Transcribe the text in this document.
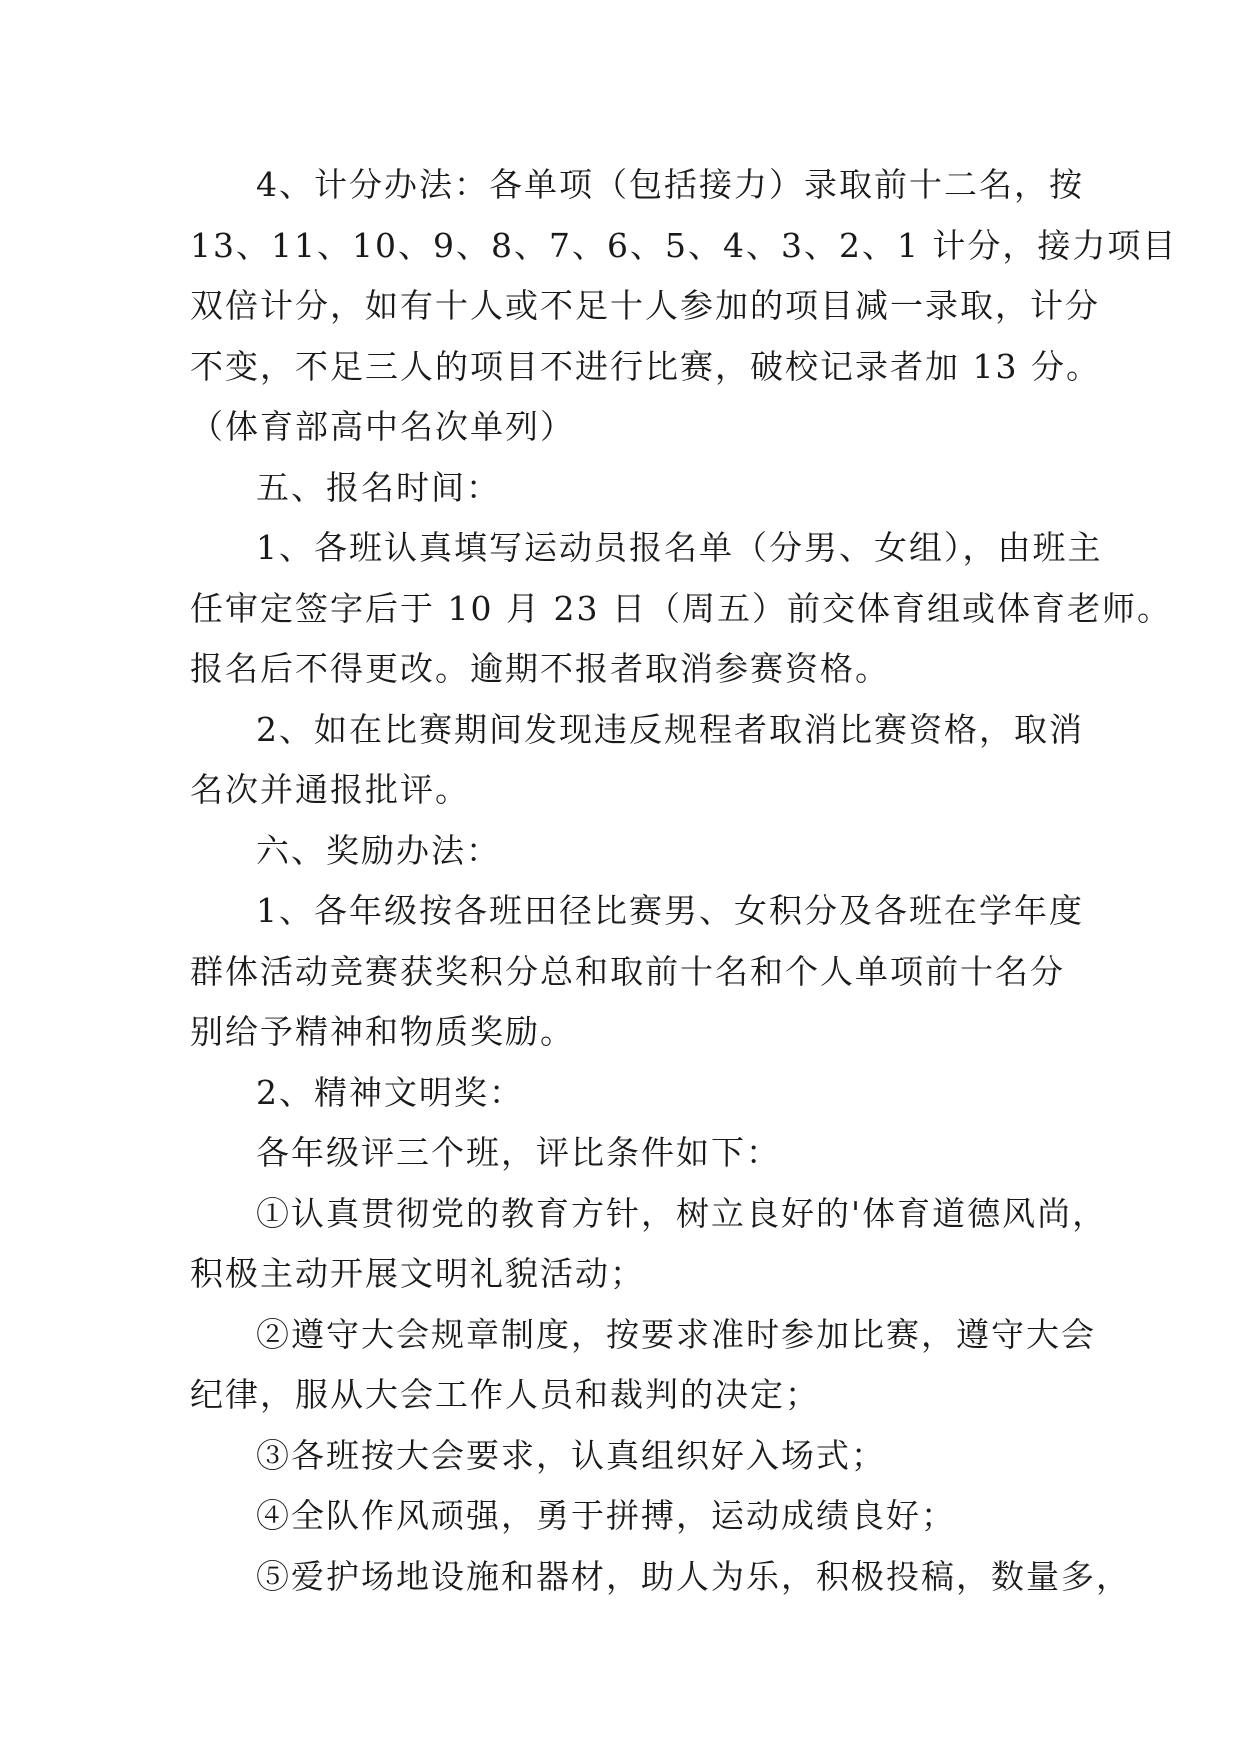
4、计分办法：各单项（包括接力）录取前十二名，按
13、11、10、9、8、7、6、5、4、3、2、1 计分，接力项目
双倍计分，如有十人或不足十人参加的项目减一录取，计分
不变，不足三人的项目不进行比赛，破校记录者加 13 分。
（体育部高中名次单列）
五、报名时间：
1、各班认真填写运动员报名单（分男、女组），由班主
任审定签字后于 10 月 23 日（周五）前交体育组或体育老师。
报名后不得更改。逾期不报者取消参赛资格。
2、如在比赛期间发现违反规程者取消比赛资格，取消
名次并通报批评。
六、奖励办法：
1、各年级按各班田径比赛男、女积分及各班在学年度
群体活动竞赛获奖积分总和取前十名和个人单项前十名分
别给予精神和物质奖励。
2、精神文明奖：
各年级评三个班，评比条件如下：
①认真贯彻党的教育方针，树立良好的'体育道德风尚，
积极主动开展文明礼貌活动；
②遵守大会规章制度，按要求准时参加比赛，遵守大会
纪律，服从大会工作人员和裁判的决定；
③各班按大会要求，认真组织好入场式；
④全队作风顽强，勇于拼搏，运动成绩良好；
⑤爱护场地设施和器材，助人为乐，积极投稿，数量多，
